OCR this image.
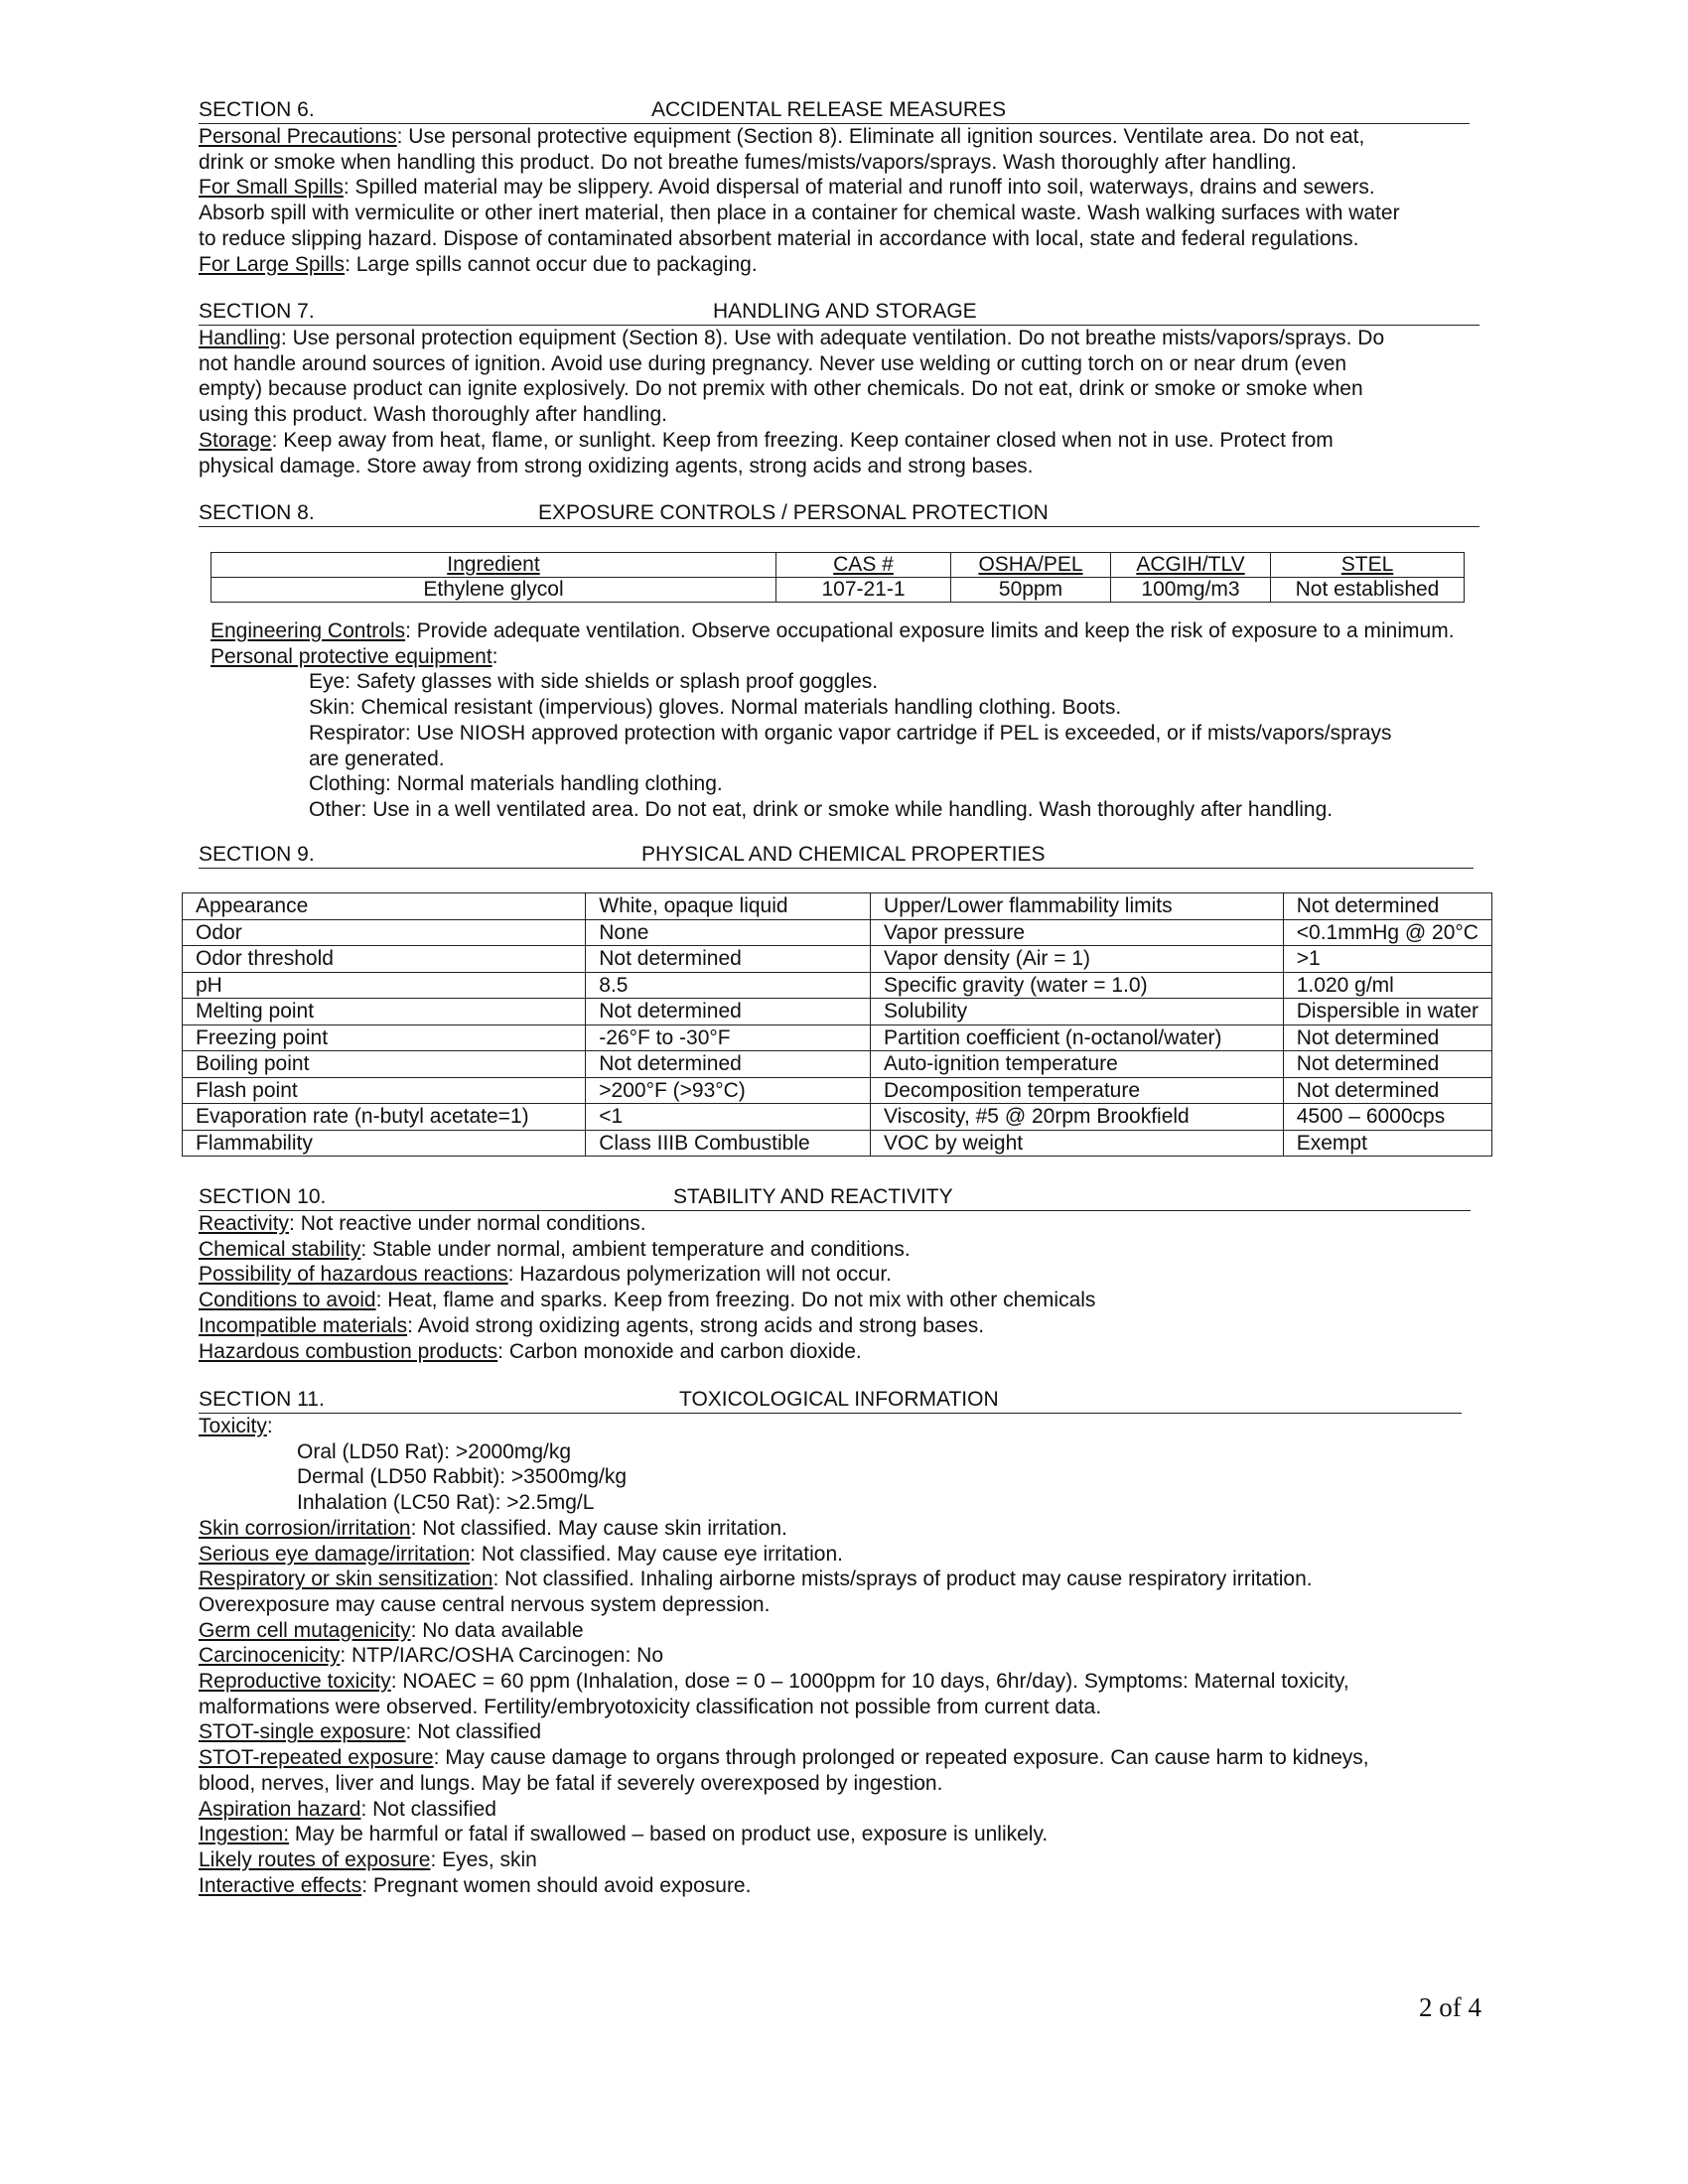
SECTION 6.	ACCIDENTAL RELEASE MEASURES
Personal Precautions: Use personal protective equipment (Section 8). Eliminate all ignition sources. Ventilate area. Do not eat,
drink or smoke when handling this product. Do not breathe fumes/mists/vapors/sprays. Wash thoroughly after handling.
For Small Spills: Spilled material may be slippery. Avoid dispersal of material and runoff into soil, waterways, drains and sewers.
Absorb spill with vermiculite or other inert material, then place in a container for chemical waste. Wash walking surfaces with water
to reduce slipping hazard. Dispose of contaminated absorbent material in accordance with local, state and federal regulations.
For Large Spills: Large spills cannot occur due to packaging.
SECTION 7.	HANDLING AND STORAGE
Handling: Use personal protection equipment (Section 8). Use with adequate ventilation. Do not breathe mists/vapors/sprays. Do
not handle around sources of ignition. Avoid use during pregnancy. Never use welding or cutting torch on or near drum (even
empty) because product can ignite explosively. Do not premix with other chemicals. Do not eat, drink or smoke or smoke when
using this product. Wash thoroughly after handling.
Storage: Keep away from heat, flame, or sunlight. Keep from freezing. Keep container closed when not in use. Protect from
physical damage. Store away from strong oxidizing agents, strong acids and strong bases.
SECTION 8.	EXPOSURE CONTROLS / PERSONAL PROTECTION
Ingredient	CAS #	OSHA/PEL	ACGIH/TLV	STEL
Ethylene glycol	107-21-1	50ppm	100mg/m3	Not established
Engineering Controls: Provide adequate ventilation. Observe occupational exposure limits and keep the risk of exposure to a minimum.
Personal protective equipment:
Eye: Safety glasses with side shields or splash proof goggles.
Skin: Chemical resistant (impervious) gloves. Normal materials handling clothing. Boots.
Respirator: Use NIOSH approved protection with organic vapor cartridge if PEL is exceeded, or if mists/vapors/sprays
are generated.
Clothing: Normal materials handling clothing.
Other: Use in a well ventilated area. Do not eat, drink or smoke while handling. Wash thoroughly after handling.
SECTION 9.	PHYSICAL AND CHEMICAL PROPERTIES
Appearance	White, opaque liquid	Upper/Lower flammability limits	Not determined
Odor	None	Vapor pressure	<0.1mmHg @ 20°C
Odor threshold	Not determined	Vapor density (Air = 1)	>1
pH	8.5	Specific gravity (water = 1.0)	1.020 g/ml
Melting point	Not determined	Solubility	Dispersible in water
Freezing point	-26°F to -30°F	Partition coefficient (n-octanol/water)	Not determined
Boiling point	Not determined	Auto-ignition temperature	Not determined
Flash point	>200°F (>93°C)	Decomposition temperature	Not determined
Evaporation rate (n-butyl acetate=1)	<1	Viscosity, #5 @ 20rpm Brookfield	4500 – 6000cps
Flammability	Class IIIB Combustible	VOC by weight	Exempt
SECTION 10.	STABILITY AND REACTIVITY
Reactivity: Not reactive under normal conditions.
Chemical stability: Stable under normal, ambient temperature and conditions.
Possibility of hazardous reactions: Hazardous polymerization will not occur.
Conditions to avoid: Heat, flame and sparks. Keep from freezing. Do not mix with other chemicals
Incompatible materials: Avoid strong oxidizing agents, strong acids and strong bases.
Hazardous combustion products: Carbon monoxide and carbon dioxide.
SECTION 11.	TOXICOLOGICAL INFORMATION
Toxicity:
Oral (LD50 Rat): >2000mg/kg
Dermal (LD50 Rabbit): >3500mg/kg
Inhalation (LC50 Rat): >2.5mg/L
Skin corrosion/irritation: Not classified. May cause skin irritation.
Serious eye damage/irritation: Not classified. May cause eye irritation.
Respiratory or skin sensitization: Not classified. Inhaling airborne mists/sprays of product may cause respiratory irritation.
Overexposure may cause central nervous system depression.
Germ cell mutagenicity: No data available
Carcinocenicity: NTP/IARC/OSHA Carcinogen: No
Reproductive toxicity: NOAEC = 60 ppm (Inhalation, dose = 0 – 1000ppm for 10 days, 6hr/day). Symptoms: Maternal toxicity,
malformations were observed. Fertility/embryotoxicity classification not possible from current data.
STOT-single exposure: Not classified
STOT-repeated exposure: May cause damage to organs through prolonged or repeated exposure. Can cause harm to kidneys,
blood, nerves, liver and lungs. May be fatal if severely overexposed by ingestion.
Aspiration hazard: Not classified
Ingestion: May be harmful or fatal if swallowed – based on product use, exposure is unlikely.
Likely routes of exposure: Eyes, skin
Interactive effects: Pregnant women should avoid exposure.
2 of 4
